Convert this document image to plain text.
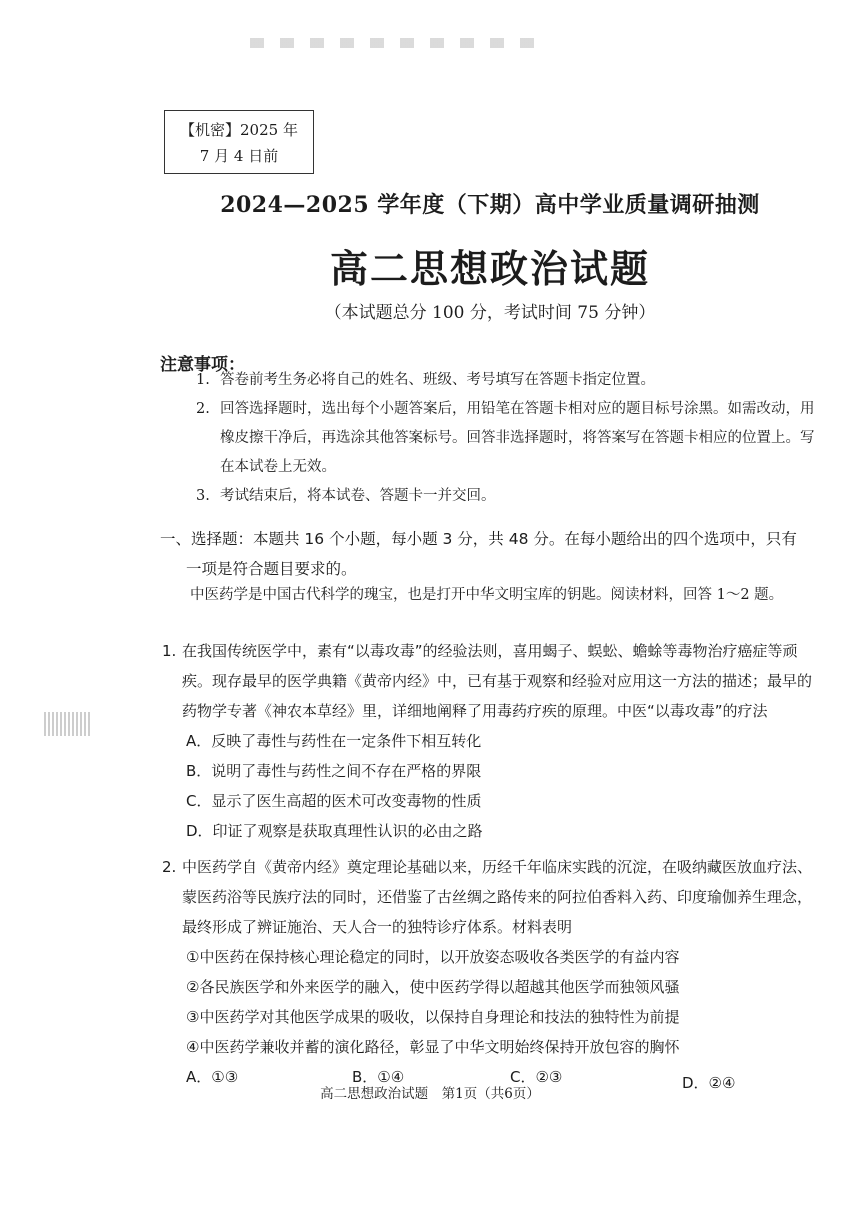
【机密】2025 年
7 月 4 日前
2024—2025 学年度（下期）高中学业质量调研抽测
高二思想政治试题
（本试题总分 100 分，考试时间 75 分钟）
注意事项：
1. 答卷前考生务必将自己的姓名、班级、考号填写在答题卡指定位置。
2. 回答选择题时，选出每个小题答案后，用铅笔在答题卡相对应的题目标号涂黑。如需改动，用橡皮擦干净后，再选涂其他答案标号。回答非选择题时，将答案写在答题卡相应的位置上。写在本试卷上无效。
3. 考试结束后，将本试卷、答题卡一并交回。
一、选择题：本题共 16 个小题，每小题 3 分，共 48 分。在每小题给出的四个选项中，只有
一项是符合题目要求的。
中医药学是中国古代科学的瑰宝，也是打开中华文明宝库的钥匙。阅读材料，回答 1～2 题。
1. 在我国传统医学中，素有“以毒攻毒”的经验法则，喜用蝎子、蜈蚣、蟾蜍等毒物治疗癌症等顽疾。现存最早的医学典籍《黄帝内经》中，已有基于观察和经验对应用这一方法的描述；最早的药物学专著《神农本草经》里，详细地阐释了用毒药疗疾的原理。中医“以毒攻毒”的疗法
A．反映了毒性与药性在一定条件下相互转化
B．说明了毒性与药性之间不存在严格的界限
C．显示了医生高超的医术可改变毒物的性质
D．印证了观察是获取真理性认识的必由之路
2. 中医药学自《黄帝内经》奠定理论基础以来，历经千年临床实践的沉淀，在吸纳藏医放血疗法、蒙医药浴等民族疗法的同时，还借鉴了古丝绸之路传来的阿拉伯香料入药、印度瑜伽养生理念，最终形成了辨证施治、天人合一的独特诊疗体系。材料表明
①中医药在保持核心理论稳定的同时，以开放姿态吸收各类医学的有益内容
②各民族医学和外来医学的融入，使中医药学得以超越其他医学而独领风骚
③中医药学对其他医学成果的吸收，以保持自身理论和技法的独特性为前提
④中医药学兼收并蓄的演化路径，彰显了中华文明始终保持开放包容的胸怀
A．①③	B．①④	C．②③	D．②④
高二思想政治试题　第1页（共6页）
